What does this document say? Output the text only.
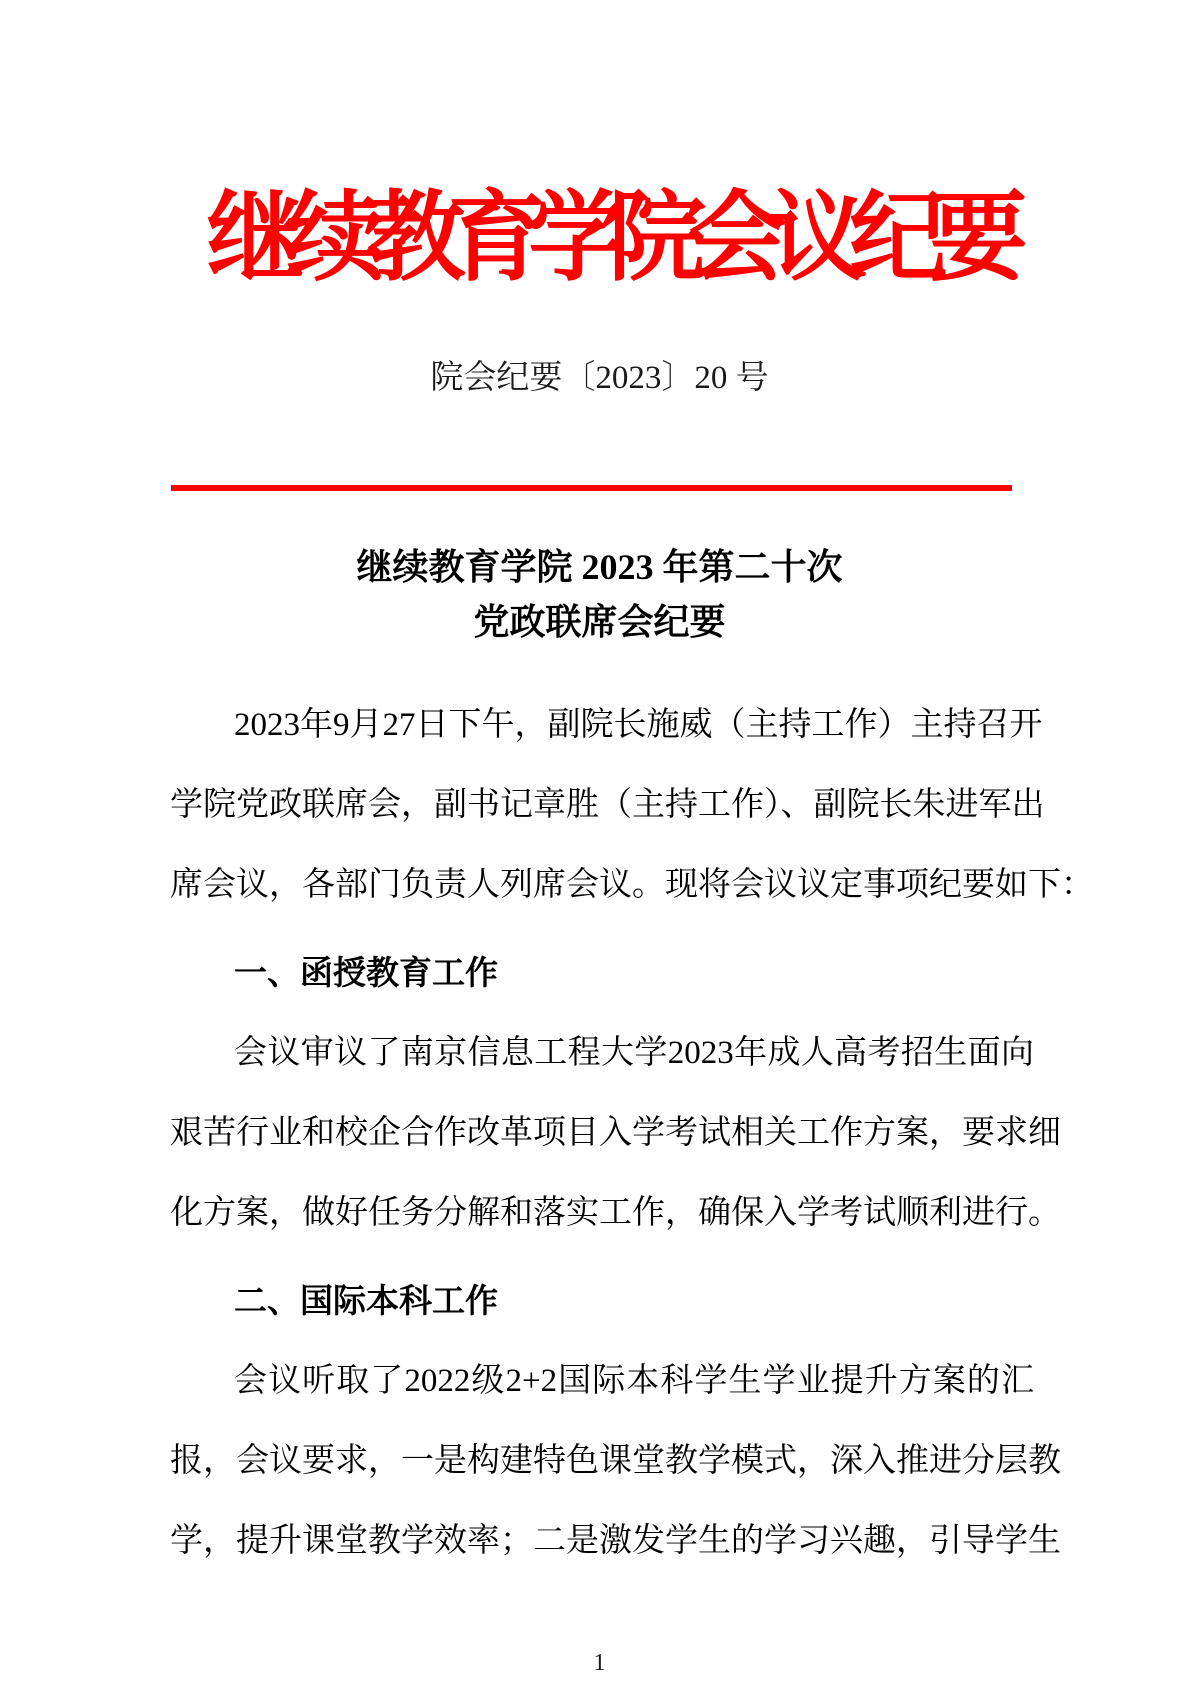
继续教育学院会议纪要
院会纪要〔2023〕20 号
继续教育学院 2023 年第二十次
党政联席会纪要
2023年9月27日下午，副院长施威（主持工作）主持召开
学院党政联席会，副书记章胜（主持工作）、副院长朱进军出
席会议，各部门负责人列席会议。现将会议议定事项纪要如下：
一、函授教育工作
会议审议了南京信息工程大学2023年成人高考招生面向
艰苦行业和校企合作改革项目入学考试相关工作方案，要求细
化方案，做好任务分解和落实工作，确保入学考试顺利进行。
二、国际本科工作
会议听取了2022级2+2国际本科学生学业提升方案的汇
报，会议要求，一是构建特色课堂教学模式，深入推进分层教
学，提升课堂教学效率；二是激发学生的学习兴趣，引导学生
1
